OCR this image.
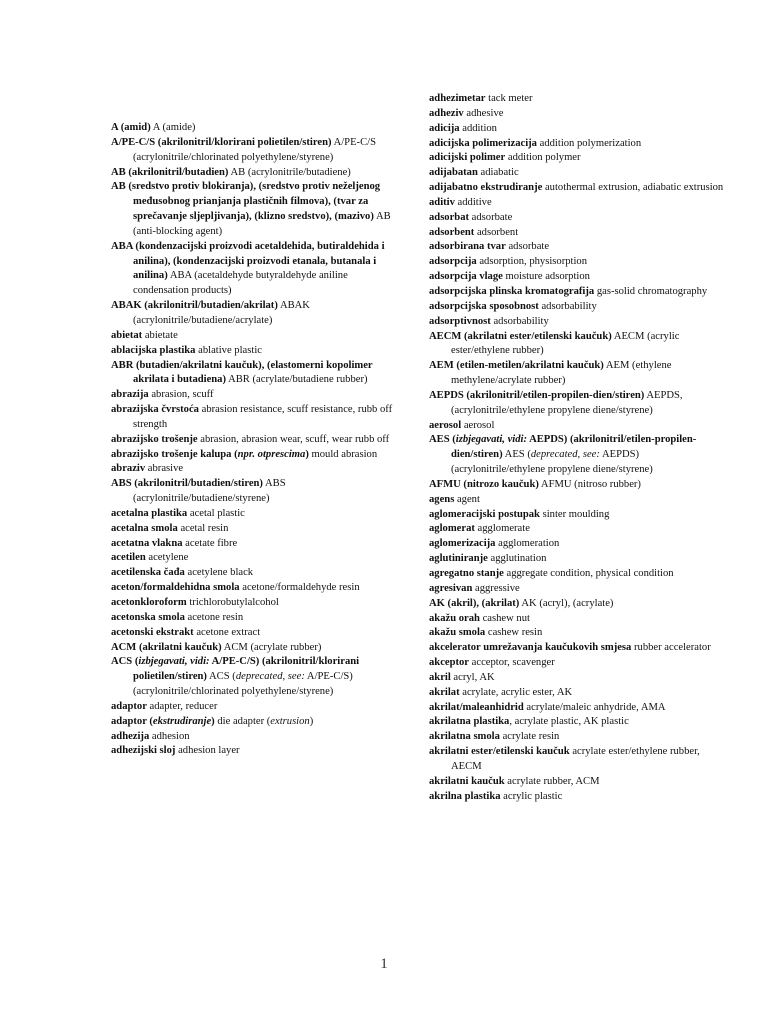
A (amid) A (amide)
A/PE-C/S (akrilonitril/klorirani polietilen/stiren) A/PE-C/S (acrylonitrile/chlorinated polyethylene/styrene)
AB (akrilonitril/butadien) AB (acrylonitrile/butadiene)
AB (sredstvo protiv blokiranja), (sredstvo protiv neželjenog međusobnog prianjanja plastičnih filmova), (tvar za sprečavanje sljepljivanja), (klizno sredstvo), (mazivo) AB (anti-blocking agent)
ABA (kondenzacijski proizvodi acetaldehida, butiraldehida i anilina), (kondenzacijski proizvodi etanala, butanala i anilina) ABA (acetaldehyde butyraldehyde aniline condensation products)
ABAK (akrilonitril/butadien/akrilat) ABAK (acrylonitrile/butadiene/acrylate)
abietat abietate
ablacijska plastika ablative plastic
ABR (butadien/akrilatni kaučuk), (elastomerni kopolimer akrilata i butadiena) ABR (acrylate/butadiene rubber)
abrazija abrasion, scuff
abrazijska čvrstoća abrasion resistance, scuff resistance, rubb off strength
abrazijsko trošenje abrasion, abrasion wear, scuff, wear rubb off
abrazijsko trošenje kalupa (npr. otprescima) mould abrasion
abraziv abrasive
ABS (akrilonitril/butadien/stiren) ABS (acrylonitrile/butadiene/styrene)
acetalna plastika acetal plastic
acetalna smola acetal resin
acetatna vlakna acetate fibre
acetilen acetylene
acetilenska čađa acetylene black
aceton/formaldehidna smola acetone/formaldehyde resin
acetonkloroform trichlorobutylalcohol
acetonska smola acetone resin
acetonski ekstrakt acetone extract
ACM (akrilatni kaučuk) ACM (acrylate rubber)
ACS (izbjegavati, vidi: A/PE-C/S) (akrilonitril/klorirani polietilen/stiren) ACS (deprecated, see: A/PE-C/S) (acrylonitrile/chlorinated polyethylene/styrene)
adaptor adapter, reducer
adaptor (ekstrudiranje) die adapter (extrusion)
adhezija adhesion
adhezijski sloj adhesion layer
adhezimetar tack meter
adheziv adhesive
adicija addition
adicijska polimerizacija addition polymerization
adicijski polimer addition polymer
adijabatan adiabatic
adijabatno ekstrudiranje autothermal extrusion, adiabatic extrusion
aditiv additive
adsorbat adsorbate
adsorbent adsorbent
adsorbirana tvar adsorbate
adsorpcija adsorption, physisorption
adsorpcija vlage moisture adsorption
adsorpcijska plinska kromatografija gas-solid chromatography
adsorpcijska sposobnost adsorbability
adsorptivnost adsorbability
AECM (akrilatni ester/etilenski kaučuk) AECM (acrylic ester/ethylene rubber)
AEM (etilen-metilen/akrilatni kaučuk) AEM (ethylene methylene/acrylate rubber)
AEPDS (akrilonitril/etilen-propilen-dien/stiren) AEPDS, (acrylonitrile/ethylene propylene diene/styrene)
aerosol aerosol
AES (izbjegavati, vidi: AEPDS) (akrilonitril/etilen-propilen-dien/stiren) AES (deprecated, see: AEPDS) (acrylonitrile/ethylene propylene diene/styrene)
AFMU (nitrozo kaučuk) AFMU (nitroso rubber)
agens agent
aglomeracijski postupak sinter moulding
aglomerat agglomerate
aglomerizacija agglomeration
aglutiniranje agglutination
agregatno stanje aggregate condition, physical condition
agresivan aggressive
AK (akril), (akrilat) AK (acryl), (acrylate)
akažu orah cashew nut
akažu smola cashew resin
akcelerator umrežavanja kaučukovih smjesa rubber accelerator
akceptor acceptor, scavenger
akril acryl, AK
akrilat acrylate, acrylic ester, AK
akrilat/maleanhidrid acrylate/maleic anhydride, AMA
akrilatna plastika, acrylate plastic, AK plastic
akrilatna smola acrylate resin
akrilatni ester/etilenski kaučuk acrylate ester/ethylene rubber, AECM
akrilatni kaučuk acrylate rubber, ACM
akrilna plastika acrylic plastic
1
